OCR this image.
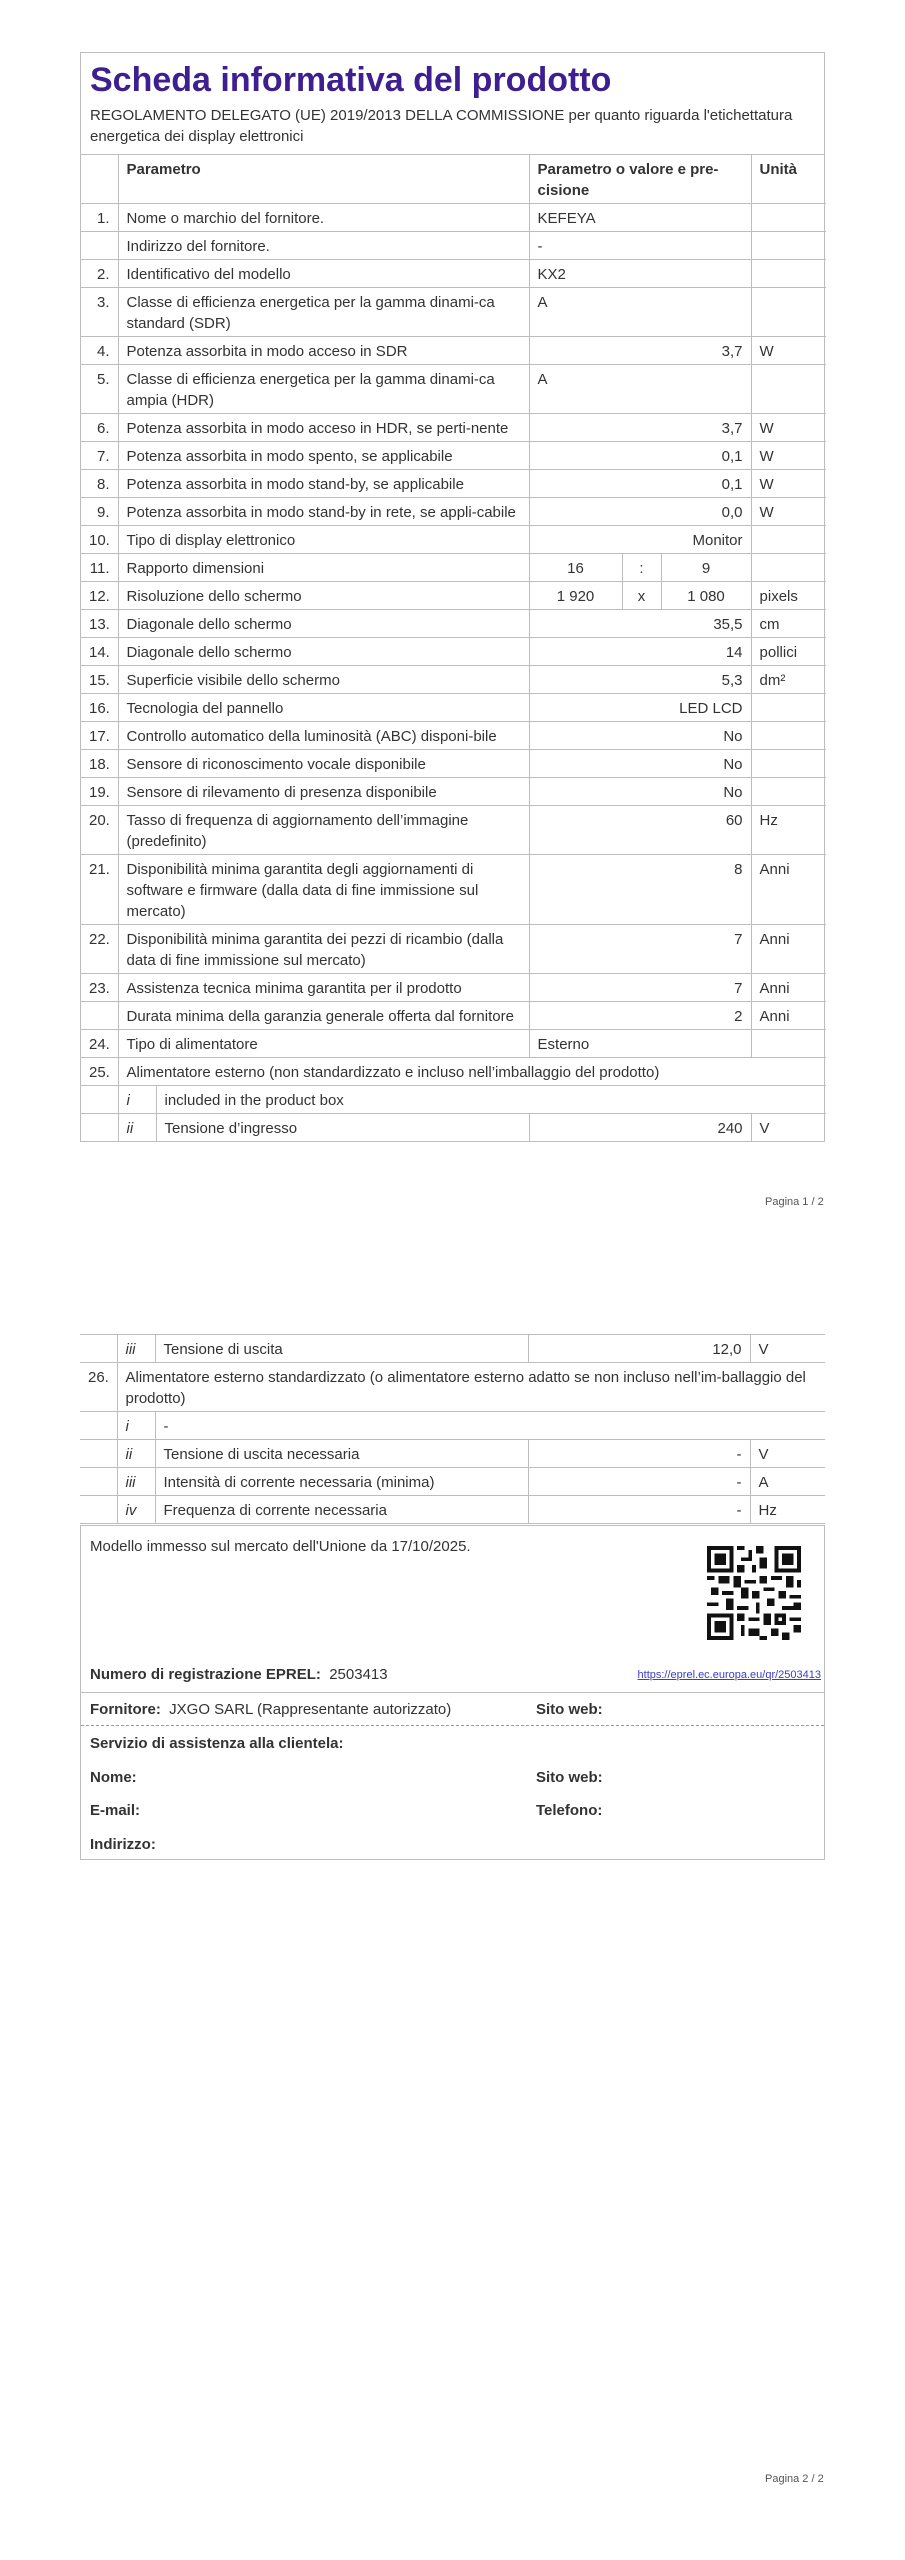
Scheda informativa del prodotto
REGOLAMENTO DELEGATO (UE) 2019/2013 DELLA COMMISSIONE per quanto riguarda l'etichettatura energetica dei display elettronici
	Parametro		Parametro o valore e pre-cisione			Unità
1.	Nome o marchio del fornitore.		KEFEYA			
	Indirizzo del fornitore.		-			
2.	Identificativo del modello		KX2			
3.	Classe di efficienza energetica per la gamma dinami-ca standard (SDR)		A			
4.	Potenza assorbita in modo acceso in SDR		3,7			W
5.	Classe di efficienza energetica per la gamma dinami-ca ampia (HDR)		A			
6.	Potenza assorbita in modo acceso in HDR, se perti-nente		3,7			W
7.	Potenza assorbita in modo spento, se applicabile		0,1			W
8.	Potenza assorbita in modo stand-by, se applicabile		0,1			W
9.	Potenza assorbita in modo stand-by in rete, se appli-cabile		0,0			W
10.	Tipo di display elettronico		Monitor			
11.	Rapporto dimensioni		16	:	9	
12.	Risoluzione dello schermo		1 920	x	1 080	pixels
13.	Diagonale dello schermo		35,5			cm
14.	Diagonale dello schermo		14			pollici
15.	Superficie visibile dello schermo		5,3			dm²
16.	Tecnologia del pannello		LED LCD			
17.	Controllo automatico della luminosità (ABC) disponi-bile		No			
18.	Sensore di riconoscimento vocale disponibile		No			
19.	Sensore di rilevamento di presenza disponibile		No			
20.	Tasso di frequenza di aggiornamento dell’immagine (predefinito)		60			Hz
21.	Disponibilità minima garantita degli aggiornamenti di software e firmware (dalla data di fine immissione sul mercato)		8			Anni
22.	Disponibilità minima garantita dei pezzi di ricambio (dalla data di fine immissione sul mercato)		7			Anni
23.	Assistenza tecnica minima garantita per il prodotto		7			Anni
	Durata minima della garanzia generale offerta dal fornitore		2			Anni
24.	Tipo di alimentatore		Esterno			
25.	Alimentatore esterno (non standardizzato e incluso nell’imballaggio del prodotto)					
	i	included in the product box				
	ii	Tensione d’ingresso	240			V
Pagina 1 / 2
	iii	Tensione di uscita	12,0	V
26.	Alimentatore esterno standardizzato (o alimentatore esterno adatto se non incluso nell’im-ballaggio del prodotto)			
	i	-		
	ii	Tensione di uscita necessaria	-	V
	iii	Intensità di corrente necessaria (minima)	-	A
	iv	Frequenza di corrente necessaria	-	Hz
Modello immesso sul mercato dell'Unione da 17/10/2025.
Numero di registrazione EPREL: 2503413	https://eprel.ec.europa.eu/qr/2503413
Fornitore: JXGO SARL (Rappresentante autorizzato)	Sito web:
Servizio di assistenza alla clientela:
Nome:	Sito web:
E-mail:	Telefono:
Indirizzo:
Pagina 2 / 2
